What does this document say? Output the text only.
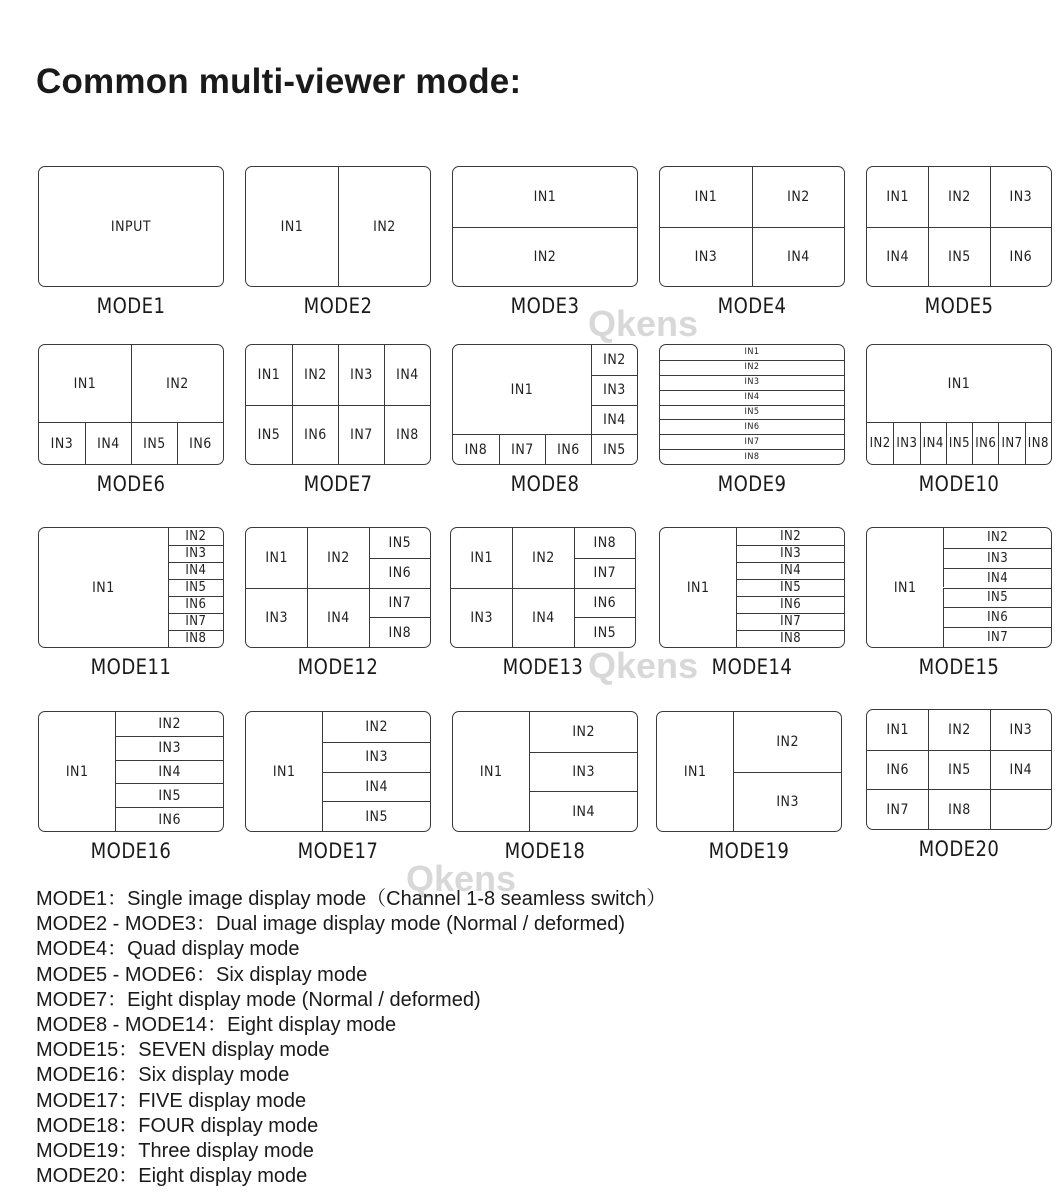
Common multi-viewer mode:
INPUT
MODE1
IN1	IN2
MODE2
IN1
IN2
MODE3
IN1	IN2
IN3	IN4
MODE4
IN1	IN2	IN3
IN4	IN5	IN6
MODE5
IN1	IN2
IN3	IN4	IN5	IN6
MODE6
IN1	IN2	IN3	IN4
IN5	IN6	IN7	IN8
MODE7
IN1
IN2
IN3
IN4
IN8	IN7	IN6	IN5
MODE8
IN1
IN2
IN3
IN4
IN5
IN6
IN7
IN8
MODE9
IN1
IN2 IN3 IN4 IN5 IN6 IN7 IN8
MODE10
IN1
IN2
IN3
IN4
IN5
IN6
IN7
IN8
MODE11
IN1	IN2
IN3	IN4
IN5
IN6
IN7
IN8
MODE12
IN1	IN2
IN3	IN4
IN8
IN7
IN6
IN5
MODE13
IN1
IN2
IN3
IN4
IN5
IN6
IN7
IN8
MODE14
IN1
IN2
IN3
IN4
IN5
IN6
IN7
MODE15
IN1
IN2
IN3
IN4
IN5
IN6
MODE16
IN1
IN2
IN3
IN4
IN5
MODE17
IN1
IN2
IN3
IN4
MODE18
IN1
IN2
IN3
MODE19
IN1	IN2	IN3
IN6	IN5	IN4
IN7	IN8
MODE20
Qkens
Qkens
Qkens
MODE1：Single image display mode（Channel 1-8 seamless switch）
MODE2 - MODE3：Dual image display mode (Normal / deformed)
MODE4：Quad display mode
MODE5 - MODE6：Six display mode
MODE7：Eight display mode (Normal / deformed)
MODE8 - MODE14：Eight display mode
MODE15：SEVEN display mode
MODE16：Six display mode
MODE17：FIVE display mode
MODE18：FOUR display mode
MODE19：Three display mode
MODE20：Eight display mode
